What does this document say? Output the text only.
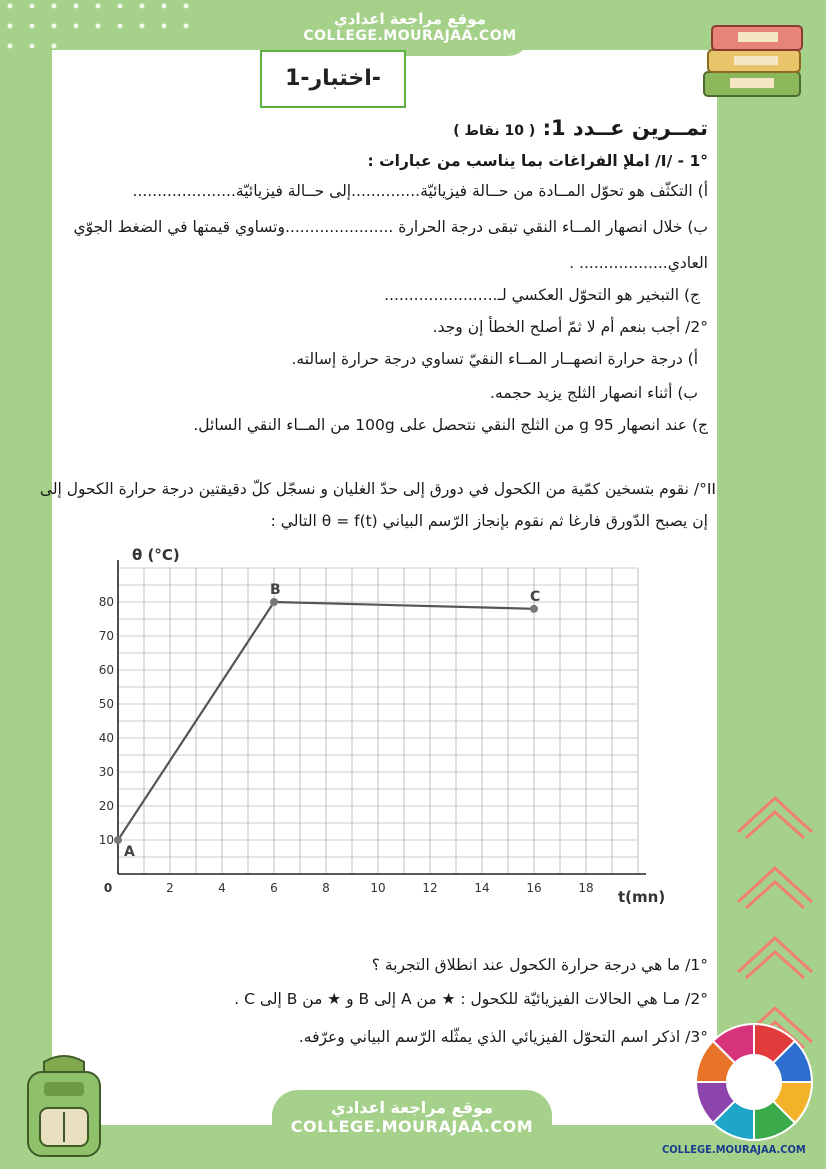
موقع مراجعة اعدادي
COLLEGE.MOURAJAA.COM
اختبار-1-
تمــرين عــدد 1: ( 10 نقاط )
I/ - 1°/ املإ الفراغات بما يناسب من عبارات :
أ) التكثّف هو تحوّل المــادة من حــالة فيزيائيّة..............إلى حــالة فيزيائيّة.....................
ب) خلال انصهار المــاء النقي تبقى درجة الحرارة ......................وتساوي قيمتها في الضغط الجوّي
العادي.................. .
ج) التبخير هو التحوّل العكسي لـ.......................
2°/ أجب بنعم أم لا ثمّ أصلح الخطأ إن وجد.
أ) درجة حرارة انصهــار المــاء النقيّ تساوي درجة حرارة إسالته.
ب) أثناء انصهار الثلج يزيد حجمه.
ج) عند انصهار 95 g من الثلج النقي نتحصل على 100g من المــاء النقي السائل.
II°/ نقوم بتسخين كمّية من الكحول في دورق إلى حدّ الغليان و نسجّل كلّ دقيقتين درجة حرارة الكحول إلى
إن يصبح الدّورق فارغا ثم نقوم بإنجاز الرّسم البياني θ = f(t) التالي :
0	2	4	6	8	10	12	14	16	18
10
20
30
40
50
60
70
80
θ (°C)
t(mn)
A
B	C
1°/ ما هي درجة حرارة الكحول عند انطلاق التجربة ؟
2°/ مـا هي الحالات الفيزيائيّة للكحول : ★ من A إلى B و ★ من B إلى C .
3°/ اذكر اسم التحوّل الفيزيائي الذي يمثّله الرّسم البياني وعرّفه.
موقع مراجعة اعدادي
COLLEGE.MOURAJAA.COM
COLLEGE.MOURAJAA.COM
